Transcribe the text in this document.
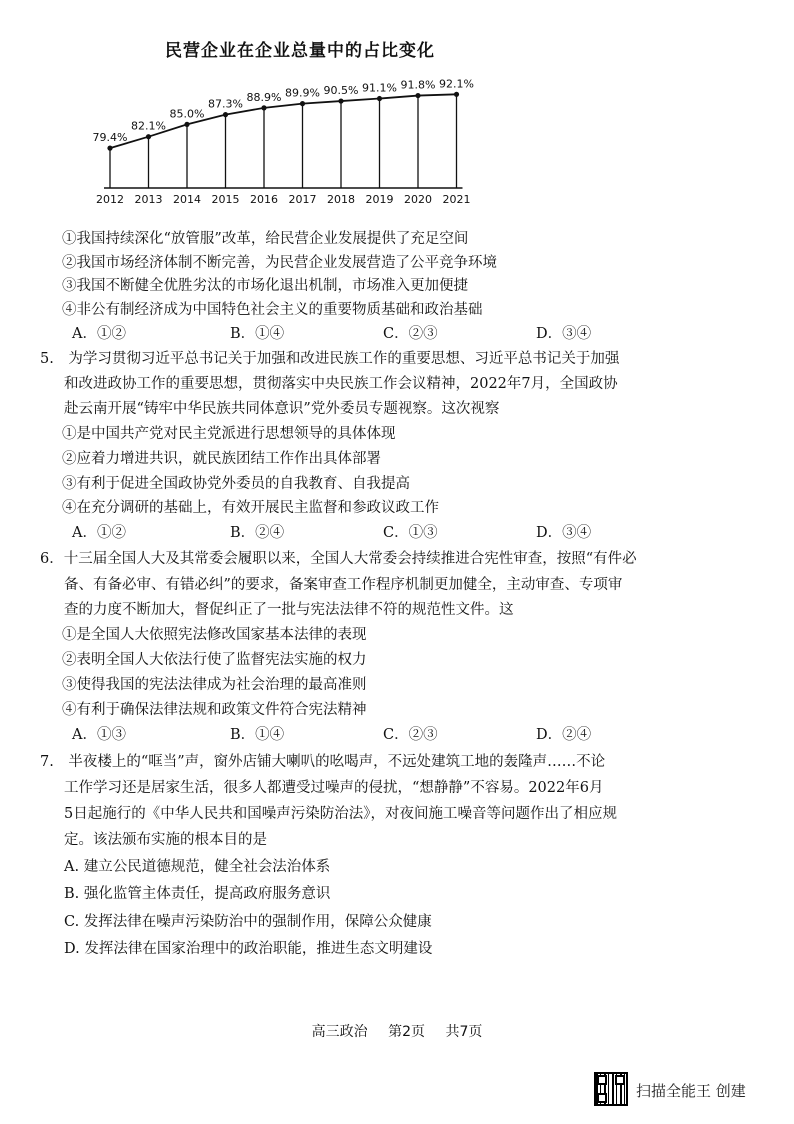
民营企业在企业总量中的占比变化
79.4%
82.1%
85.0%
87.3%
88.9% 89.9% 90.5% 91.1% 91.8% 92.1%
2012 2013 2014 2015 2016 2017 2018 2019 2020 2021
①我国持续深化“放管服”改革，给民营企业发展提供了充足空间
②我国市场经济体制不断完善，为民营企业发展营造了公平竞争环境
③我国不断健全优胜劣汰的市场化退出机制，市场准入更加便捷
④非公有制经济成为中国特色社会主义的重要物质基础和政治基础
A．①②	B．①④	C．②③	D．③④
5.　为学习贯彻习近平总书记关于加强和改进民族工作的重要思想、习近平总书记关于加强
和改进政协工作的重要思想，贯彻落实中央民族工作会议精神，2022年7月，全国政协
赴云南开展“铸牢中华民族共同体意识”党外委员专题视察。这次视察
①是中国共产党对民主党派进行思想领导的具体体现
②应着力增进共识，就民族团结工作作出具体部署
③有利于促进全国政协党外委员的自我教育、自我提高
④在充分调研的基础上，有效开展民主监督和参政议政工作
A．①②	B．②④	C．①③	D．③④
6．十三届全国人大及其常委会履职以来，全国人大常委会持续推进合宪性审查，按照“有件必
备、有备必审、有错必纠”的要求，备案审查工作程序机制更加健全，主动审查、专项审
查的力度不断加大，督促纠正了一批与宪法法律不符的规范性文件。这
①是全国人大依照宪法修改国家基本法律的表现
②表明全国人大依法行使了监督宪法实施的权力
③使得我国的宪法法律成为社会治理的最高准则
④有利于确保法律法规和政策文件符合宪法精神
A．①③	B．①④	C．②③	D．②④
7.　半夜楼上的“哐当”声，窗外店铺大喇叭的吆喝声，不远处建筑工地的轰隆声……不论
工作学习还是居家生活，很多人都遭受过噪声的侵扰，“想静静”不容易。2022年6月
5日起施行的《中华人民共和国噪声污染防治法》，对夜间施工噪音等问题作出了相应规
定。该法颁布实施的根本目的是
A. 建立公民道德规范，健全社会法治体系
B. 强化监管主体责任，提高政府服务意识
C. 发挥法律在噪声污染防治中的强制作用，保障公众健康
D. 发挥法律在国家治理中的政治职能，推进生态文明建设
高三政治 第2页 共7页
扫描全能王 创建
